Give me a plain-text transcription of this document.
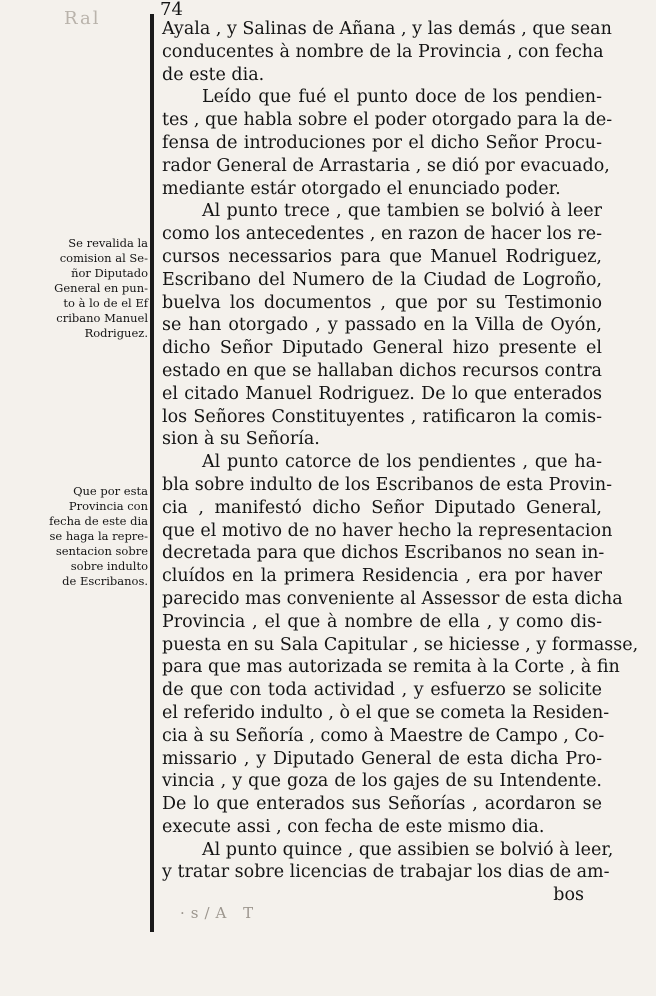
Ral	74
Se revalida la
comision al Se-
ñor Diputado
General en pun-
to à lo de el Ef
cribano Manuel
Rodriguez.
Que por esta
Provincia con
fecha de este dia
se haga la repre-
sentacion sobre
sobre indulto
de Escribanos.
Ayala , y Salinas de Añana , y las demás , que sean
conducentes à nombre de la Provincia , con fecha
de este dia.
Leído que fué el punto doce de los pendien-
tes , que habla sobre el poder otorgado para la de-
fensa de introduciones por el dicho Señor Procu-
rador General de Arrastaria , se dió por evacuado,
mediante estár otorgado el enunciado poder.
Al punto trece , que tambien se bolvió à leer
como los antecedentes , en razon de hacer los re-
cursos necessarios para que Manuel Rodriguez,
Escribano del Numero de la Ciudad de Logroño,
buelva los documentos , que por su Testimonio
se han otorgado , y passado en la Villa de Oyón,
dicho Señor Diputado General hizo presente el
estado en que se hallaban dichos recursos contra
el citado Manuel Rodriguez. De lo que enterados
los Señores Constituyentes , ratificaron la comis-
sion à su Señoría.
Al punto catorce de los pendientes , que ha-
bla sobre indulto de los Escribanos de esta Provin-
cia , manifestó dicho Señor Diputado General,
que el motivo de no haver hecho la representacion
decretada para que dichos Escribanos no sean in-
cluídos en la primera Residencia , era por haver
parecido mas conveniente al Assessor de esta dicha
Provincia , el que à nombre de ella , y como dis-
puesta en su Sala Capitular , se hiciesse , y formasse,
para que mas autorizada se remita à la Corte , à fin
de que con toda actividad , y esfuerzo se solicite
el referido indulto , ò el que se cometa la Residen-
cia à su Señoría , como à Maestre de Campo , Co-
missario , y Diputado General de esta dicha Pro-
vincia , y que goza de los gajes de su Intendente.
De lo que enterados sus Señorías , acordaron se
execute assi , con fecha de este mismo dia.
Al punto quince , que assibien se bolvió à leer,
y tratar sobre licencias de trabajar los dias de am-
bos
·s/A T
